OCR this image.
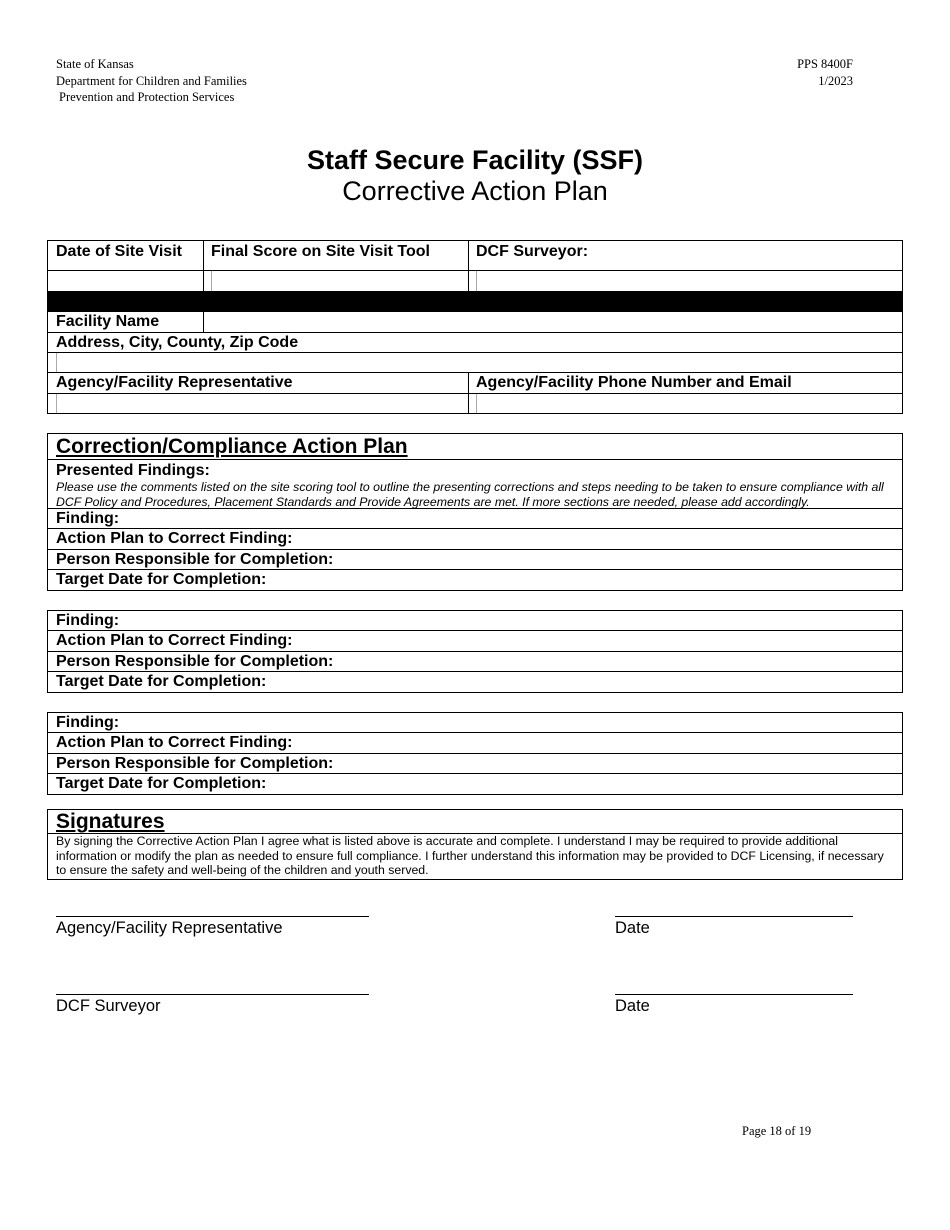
State of Kansas
Department for Children and Families
Prevention and Protection Services
PPS 8400F
1/2023
Staff Secure Facility (SSF)
Corrective Action Plan
Date of Site Visit	Final Score on Site Visit Tool	DCF Surveyor:
Facility Name
Address, City, County, Zip Code
Agency/Facility Representative	Agency/Facility Phone Number and Email
Correction/Compliance Action Plan
Presented Findings:
Please use the comments listed on the site scoring tool to outline the presenting corrections and steps needing to be taken to ensure compliance with all DCF Policy and Procedures, Placement Standards and Provide Agreements are met. If more sections are needed, please add accordingly.
Finding:
Action Plan to Correct Finding:
Person Responsible for Completion:
Target Date for Completion:
Finding:
Action Plan to Correct Finding:
Person Responsible for Completion:
Target Date for Completion:
Finding:
Action Plan to Correct Finding:
Person Responsible for Completion:
Target Date for Completion:
Signatures
By signing the Corrective Action Plan I agree what is listed above is accurate and complete. I understand I may be required to provide additional information or modify the plan as needed to ensure full compliance. I further understand this information may be provided to DCF Licensing, if necessary to ensure the safety and well-being of the children and youth served.
Agency/Facility Representative	Date
DCF Surveyor	Date
Page 18 of 19
